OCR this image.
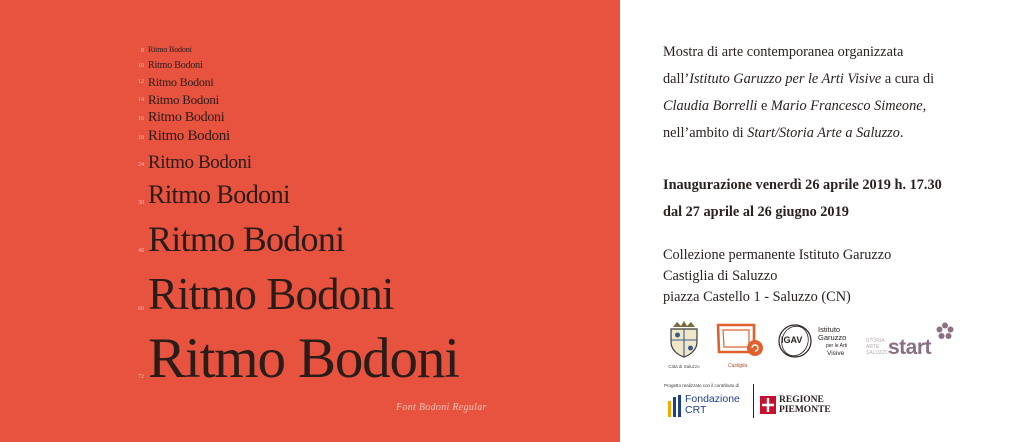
8 Ritmo Bodoni
10 Ritmo Bodoni
12 Ritmo Bodoni
14 Ritmo Bodoni
16 Ritmo Bodoni
18 Ritmo Bodoni
24 Ritmo Bodoni
30 Ritmo Bodoni
48 Ritmo Bodoni
60 Ritmo Bodoni
72 Ritmo Bodoni
Font Bodoni Regular
Mostra di arte contemporanea organizzata
dall’Istituto Garuzzo per le Arti Visive a cura di
Claudia Borrelli e Mario Francesco Simeone,
nell’ambito di Start/Storia Arte a Saluzzo.
Inaugurazione venerdì 26 aprile 2019 h. 17.30
dal 27 aprile al 26 giugno 2019
Collezione permanente Istituto Garuzzo
Castiglia di Saluzzo
piazza Castello 1 - Saluzzo (CN)
Città di Saluzzo	Castiglia
IGAV
Istituto
Garuzzo
per le Arti
Visive
STORIA
ARTE
SALUZZO
start
Progetto realizzato con il contributo di
Fondazione
CRT
REGIONE
PIEMONTE
